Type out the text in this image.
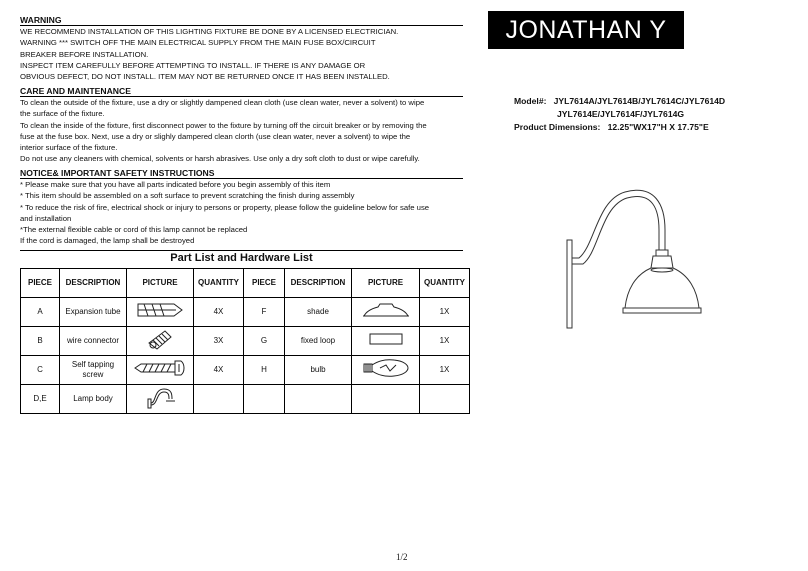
WARNING
WE RECOMMEND INSTALLATION OF THIS LIGHTING FIXTURE BE DONE BY A LICENSED ELECTRICIAN.
WARNING *** SWITCH OFF THE MAIN ELECTRICAL SUPPLY FROM THE MAIN FUSE BOX/CIRCUIT
BREAKER BEFORE INSTALLATION.
INSPECT ITEM CAREFULLY BEFORE ATTEMPTING TO INSTALL. IF THERE IS ANY DAMAGE OR
OBVIOUS DEFECT, DO NOT INSTALL. ITEM MAY NOT BE RETURNED ONCE IT HAS BEEN INSTALLED.
CARE AND MAINTENANCE
To clean the outside of the fixture, use a dry or slightly dampened clean cloth (use clean water, never a solvent) to wipe
the surface of the fixture.
To clean the inside of the fixture, first disconnect power to the fixture by turning off the circuit breaker or by removing the
fuse at the fuse box. Next, use a dry or slighly dampered clean clorth (use clean water, never a solvent) to wipe the
interior surface of the fixture.
Do not use any cleaners with chemical, solvents or harsh abrasives. Use only a dry soft cloth to dust or wipe carefully.
NOTICE& IMPORTANT SAFETY INSTRUCTIONS
* Please make sure that you have all parts indicated before you begin assembly of this item
* This item should be assembled on a soft surface to prevent scratching the finish during assembly
* To reduce the risk of fire, electrical shock or injury to persons or property, please follow the guideline below for safe use
and installation
*The external flexible cable or cord of this lamp cannot be replaced
If the cord is damaged, the lamp shall be destroyed
JONATHAN Y
Model#: JYL7614A/JYL7614B/JYL7614C/JYL7614D
JYL7614E/JYL7614F/JYL7614G
Product Dimensions: 12.25"WX17"H X 17.75"E
Part List and Hardware List
PIECE	DESCRIPTION	PICTURE	QUANTITY	PIECE	DESCRIPTION	PICTURE	QUANTITY
A	Expansion tube		4X	F	shade		1X
B	wire connector		3X	G	fixed loop		1X
C	Self tapping screw		4X	H	bulb		1X
D,E	Lamp body						
1/2
